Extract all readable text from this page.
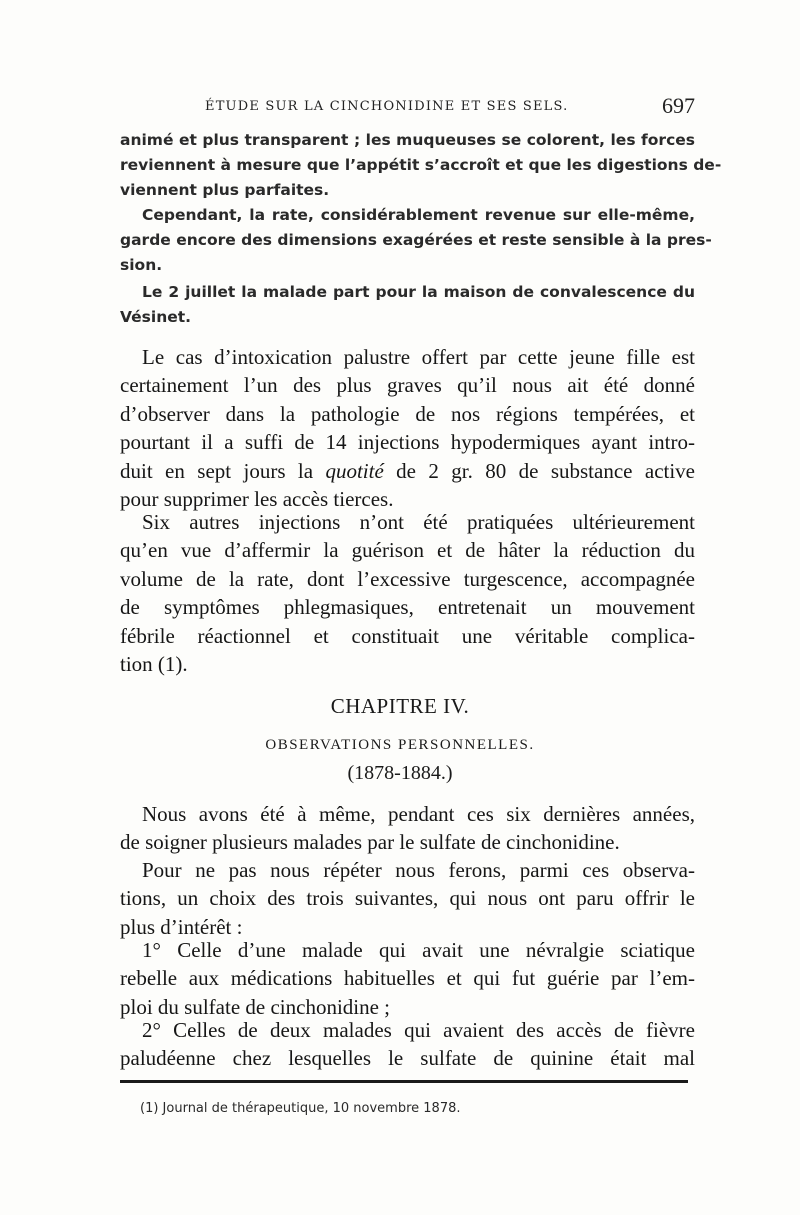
ÉTUDE SUR LA CINCHONIDINE ET SES SELS.	697

animé et plus transparent ; les muqueuses se colorent, les forces
reviennent à mesure que l’appétit s’accroît et que les digestions de-
viennent plus parfaites.

Cependant, la rate, considérablement revenue sur elle-même,
garde encore des dimensions exagérées et reste sensible à la pres-
sion.

Le 2 juillet la malade part pour la maison de convalescence du
Vésinet.

Le cas d’intoxication palustre offert par cette jeune fille est
certainement l’un des plus graves qu’il nous ait été donné
d’observer dans la pathologie de nos régions tempérées, et
pourtant il a suffi de 14 injections hypodermiques ayant intro-
duit en sept jours la quotité de 2 gr. 80 de substance active
pour supprimer les accès tierces.

Six autres injections n’ont été pratiquées ultérieurement
qu’en vue d’affermir la guérison et de hâter la réduction du
volume de la rate, dont l’excessive turgescence, accompagnée
de symptômes phlegmasiques, entretenait un mouvement
fébrile réactionnel et constituait une véritable complica-
tion (1).

CHAPITRE IV.
OBSERVATIONS PERSONNELLES.
(1878-1884.)

Nous avons été à même, pendant ces six dernières années,
de soigner plusieurs malades par le sulfate de cinchonidine.

Pour ne pas nous répéter nous ferons, parmi ces observa-
tions, un choix des trois suivantes, qui nous ont paru offrir le
plus d’intérêt :

1° Celle d’une malade qui avait une névralgie sciatique
rebelle aux médications habituelles et qui fut guérie par l’em-
ploi du sulfate de cinchonidine ;

2° Celles de deux malades qui avaient des accès de fièvre
paludéenne chez lesquelles le sulfate de quinine était mal

(1) Journal de thérapeutique, 10 novembre 1878.
